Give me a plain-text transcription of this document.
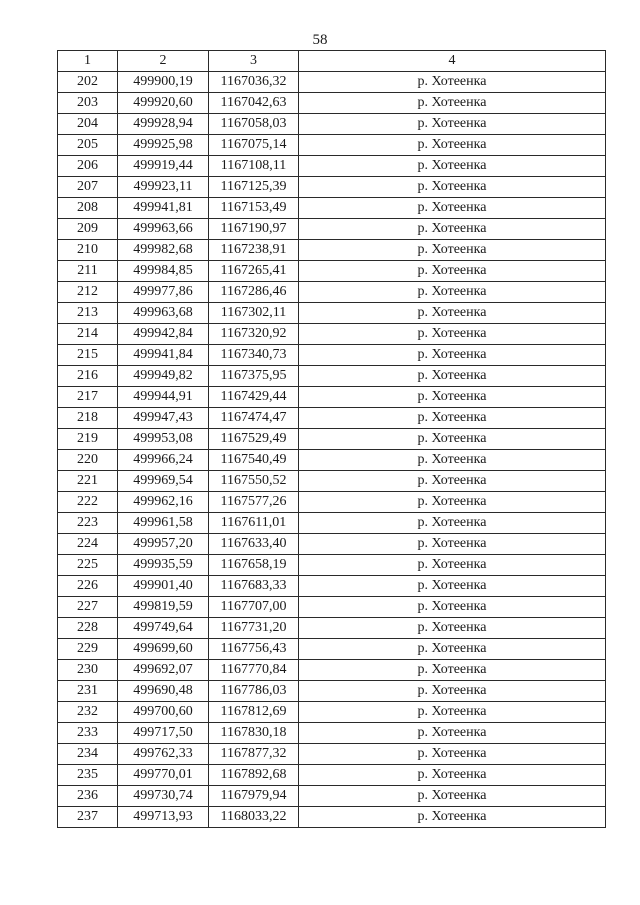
58
1	2	3	4
202	499900,19	1167036,32	р. Хотеенка
203	499920,60	1167042,63	р. Хотеенка
204	499928,94	1167058,03	р. Хотеенка
205	499925,98	1167075,14	р. Хотеенка
206	499919,44	1167108,11	р. Хотеенка
207	499923,11	1167125,39	р. Хотеенка
208	499941,81	1167153,49	р. Хотеенка
209	499963,66	1167190,97	р. Хотеенка
210	499982,68	1167238,91	р. Хотеенка
211	499984,85	1167265,41	р. Хотеенка
212	499977,86	1167286,46	р. Хотеенка
213	499963,68	1167302,11	р. Хотеенка
214	499942,84	1167320,92	р. Хотеенка
215	499941,84	1167340,73	р. Хотеенка
216	499949,82	1167375,95	р. Хотеенка
217	499944,91	1167429,44	р. Хотеенка
218	499947,43	1167474,47	р. Хотеенка
219	499953,08	1167529,49	р. Хотеенка
220	499966,24	1167540,49	р. Хотеенка
221	499969,54	1167550,52	р. Хотеенка
222	499962,16	1167577,26	р. Хотеенка
223	499961,58	1167611,01	р. Хотеенка
224	499957,20	1167633,40	р. Хотеенка
225	499935,59	1167658,19	р. Хотеенка
226	499901,40	1167683,33	р. Хотеенка
227	499819,59	1167707,00	р. Хотеенка
228	499749,64	1167731,20	р. Хотеенка
229	499699,60	1167756,43	р. Хотеенка
230	499692,07	1167770,84	р. Хотеенка
231	499690,48	1167786,03	р. Хотеенка
232	499700,60	1167812,69	р. Хотеенка
233	499717,50	1167830,18	р. Хотеенка
234	499762,33	1167877,32	р. Хотеенка
235	499770,01	1167892,68	р. Хотеенка
236	499730,74	1167979,94	р. Хотеенка
237	499713,93	1168033,22	р. Хотеенка
